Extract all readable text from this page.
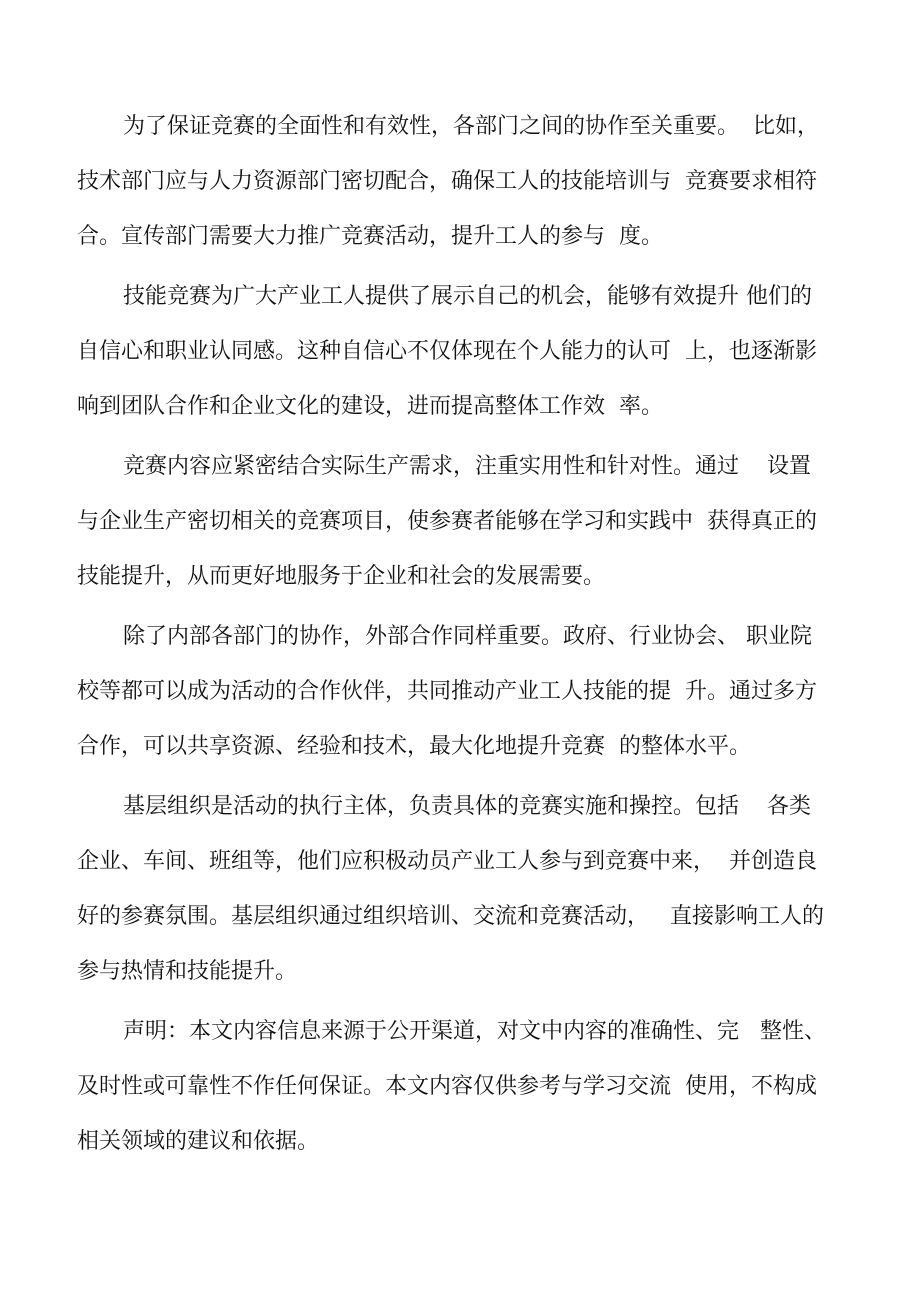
为了保证竞赛的全面性和有效性，各部门之间的协作至关重要。  比如，
技术部门应与人力资源部门密切配合，确保工人的技能培训与  竞赛要求相符
合。宣传部门需要大力推广竞赛活动，提升工人的参与  度。
技能竞赛为广大产业工人提供了展示自己的机会，能够有效提升 他们的
自信心和职业认同感。这种自信心不仅体现在个人能力的认可  上，也逐渐影
响到团队合作和企业文化的建设，进而提高整体工作效  率。
竞赛内容应紧密结合实际生产需求，注重实用性和针对性。通过    设置
与企业生产密切相关的竞赛项目，使参赛者能够在学习和实践中  获得真正的
技能提升，从而更好地服务于企业和社会的发展需要。
除了内部各部门的协作，外部合作同样重要。政府、行业协会、 职业院
校等都可以成为活动的合作伙伴，共同推动产业工人技能的提  升。通过多方
合作，可以共享资源、经验和技术，最大化地提升竞赛  的整体水平。
基层组织是活动的执行主体，负责具体的竞赛实施和操控。包括    各类
企业、车间、班组等，他们应积极动员产业工人参与到竞赛中来，  并创造良
好的参赛氛围。基层组织通过组织培训、交流和竞赛活动，   直接影响工人的
参与热情和技能提升。
声明：本文内容信息来源于公开渠道，对文中内容的准确性、完   整性、
及时性或可靠性不作任何保证。本文内容仅供参考与学习交流  使用，不构成
相关领域的建议和依据。
